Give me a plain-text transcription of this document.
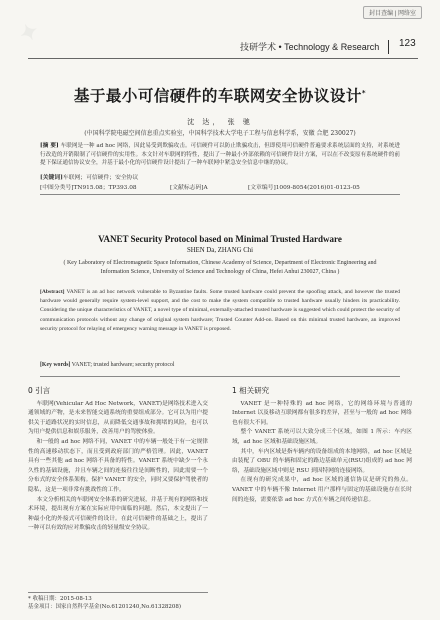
✦
封目查编 | 网络室
技研学术 • Technology & Research	123
基于最小可信硬件的车联网安全协议设计*
沈 达， 张 驰
(中国科学院电磁空间信息重点实验室，中国科学技术大学电子工程与信息科学系，安徽 合肥 230027)
[摘 要] 车联网是一种 ad hoc 网络，因此易受到欺骗攻击。可信硬件可以防止欺骗攻击，但即使用可信硬件普遍要求系统层面的支持，对系统进行改造的开销限制了可信硬件的实用性。本文针对车联网的特性，提出了一种最小外部依赖的可信硬件设计方案，可以在不改变原有系统硬件的前提下保证通信协议安全，并基于最小化的可信硬件设计提出了一种车联网中紧急安全信息中继的协议。
[关键词]车联网；可信硬件；安全协议
[中图分类号]TN915.08；TP393.08	[文献标志码]A	[文章编号]1009-8054(2016)01-0123-05
VANET Security Protocol based on Minimal Trusted Hardware
SHEN Da, ZHANG Chi
( Key Laboratory of Electromagnetic Space Information, Chinese Academy of Science, Department of Electronic Engineering and Information Science, University of Science and Technology of China, Hefei Anhui 230027, China )
[Abstract] VANET is an ad hoc network vulnerable to Byzantine faults. Some trusted hardware could prevent the spoofing attack, and however the trusted hardware would generally require system-level support, and the cost to make the system compatible to trusted hardware usually hinders its practicability. Considering the unique characteristics of VANET, a novel type of minimal, externally-attached trusted hardware is suggested which could protect the security of communication protocols without any change of original system hardware; Trusted Counter Add-on. Based on this minimal trusted hardware, an improved security protocol for relaying of emergency warning message in VANET is proposed.
[Key words] VANET; trusted hardware; security protocol
0 引言

车联网(Vehicular Ad Hoc Network，VANET)是网络技术进入交通领域的产物，是未来智能交通系统的重要组成部分。它可以为用户提供关于道路状况的实时信息，从而降低交通事故和拥堵的风险，也可以为用户提供信息和娱乐服务，改善用户的驾驶体验。

和一般的 ad hoc 网络不同，VANET 中的车辆一般处于有一定规律性的高速移动状态下，而且受到政府部门的严格管理。因此，VANET 具有一些其他 ad hoc 网络不具备的特性。VANET 系统中缺少一个永久性的基础设施，并且车辆之间的连接往往是间断性的，因此需要一个分布式的安全体系架构。保护 VANET 的安全，同时又要保护驾驶者的隐私，这是一项非常有挑战性的工作。

本文分析相关的车联网安全体系的研究进展，并基于现有的网络和技术环境，提出现有方案在实际应用中面临的问题。然后，本文提出了一种最小化的外接式可信硬件的设计。在此可信硬件的基础之上，提出了一种可以有效的应对欺骗攻击的轻量级安全协议。

1 相关研究

VANET 是一种特殊的 ad hoc 网络，它的网络环境与普通的 Internet 以及移动互联网都有很多的差异，甚至与一般的 ad hoc 网络也有很大不同。

整个 VANET 系统可以大致分成三个区域，如图 1 所示：车内区域，ad hoc 区域和基础设施区域。

其中，车内区域是指车辆内的设备组成的本地网络，ad hoc 区域是由装配了 OBU 的车辆和固定的路边基础单元(RSU)组成的 ad hoc 网络，基础设施区域中则是 RSU 到因特网的连接网络。

在现有的研究成果中，ad hoc 区域的通信协议是研究的热点。VANET 中的车辆不像 Internet 用户那样与固定的基础设施存在长时间的连接，需要依靠 ad hoc 方式在车辆之间传递信息。

* 收稿日期：2015-08-13
基金项目：国家自然科学基金(No.61201240,No.61328208)
